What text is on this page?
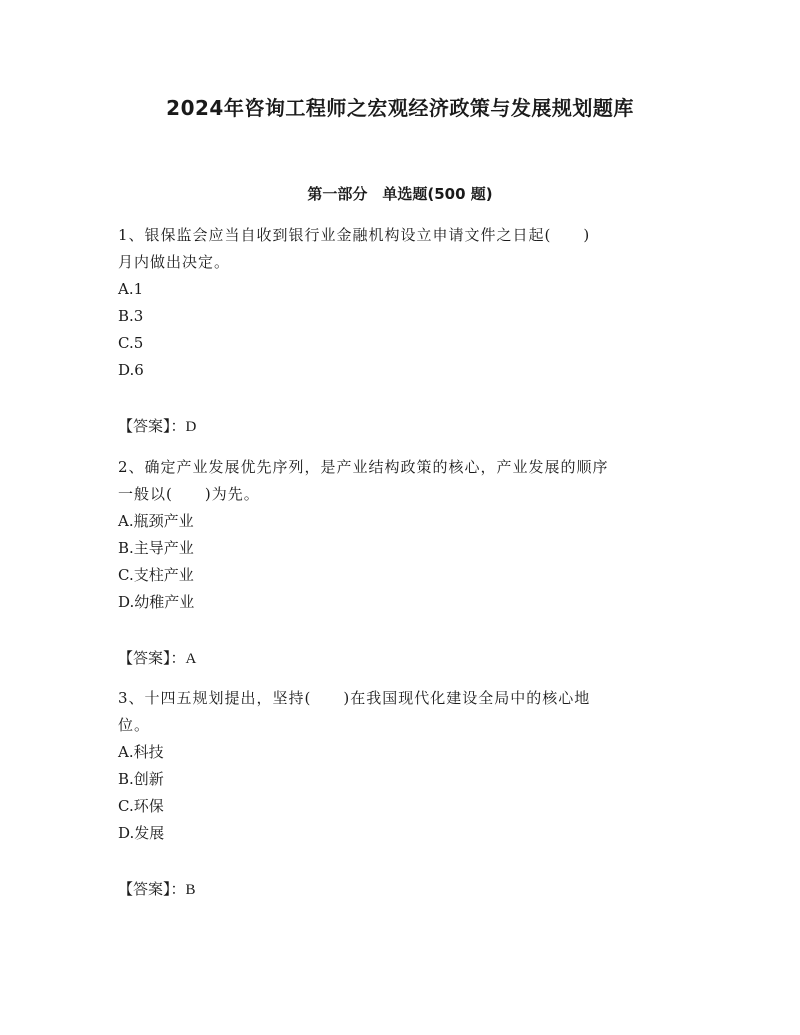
2024年咨询工程师之宏观经济政策与发展规划题库
第一部分　单选题(500 题)

1、银保监会应当自收到银行业金融机构设立申请文件之日起(　　)

月内做出决定。

A.1
B.3
C.5
D.6
【答案】：D

2、确定产业发展优先序列，是产业结构政策的核心，产业发展的顺序

一般以(　　)为先。

A.瓶颈产业
B.主导产业
C.支柱产业
D.幼稚产业
【答案】：A

3、十四五规划提出，坚持(　　)在我国现代化建设全局中的核心地

位。

A.科技
B.创新
C.环保
D.发展
【答案】：B
